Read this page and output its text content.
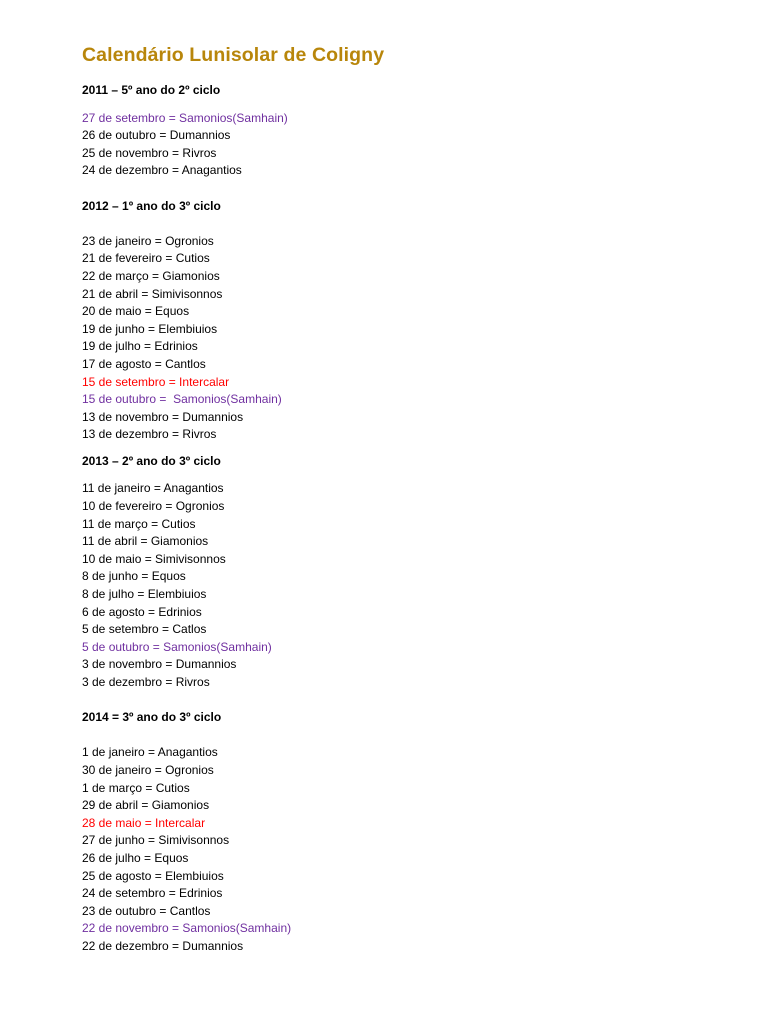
Calendário Lunisolar de Coligny
2011 – 5º ano do 2º ciclo
27 de setembro = Samonios(Samhain)
26 de outubro = Dumannios
25 de novembro = Rivros
24 de dezembro = Anagantios
2012 – 1º ano do 3º ciclo
23 de janeiro = Ogronios
21 de fevereiro = Cutios
22 de março = Giamonios
21 de abril = Simivisonnos
20 de maio = Equos
19 de junho = Elembiuios
19 de julho = Edrinios
17 de agosto = Cantlos
15 de setembro = Intercalar
15 de outubro =  Samonios(Samhain)
13 de novembro = Dumannios
13 de dezembro = Rivros
2013 – 2º ano do 3º ciclo
11 de janeiro = Anagantios
10 de fevereiro = Ogronios
11 de março = Cutios
11 de abril = Giamonios
10 de maio = Simivisonnos
8 de junho = Equos
8 de julho = Elembiuios
6 de agosto = Edrinios
5 de setembro = Catlos
5 de outubro = Samonios(Samhain)
3 de novembro = Dumannios
3 de dezembro = Rivros
2014 = 3º ano do 3º ciclo
1 de janeiro = Anagantios
30 de janeiro = Ogronios
1 de março = Cutios
29 de abril = Giamonios
28 de maio = Intercalar
27 de junho = Simivisonnos
26 de julho = Equos
25 de agosto = Elembiuios
24 de setembro = Edrinios
23 de outubro = Cantlos
22 de novembro = Samonios(Samhain)
22 de dezembro = Dumannios
